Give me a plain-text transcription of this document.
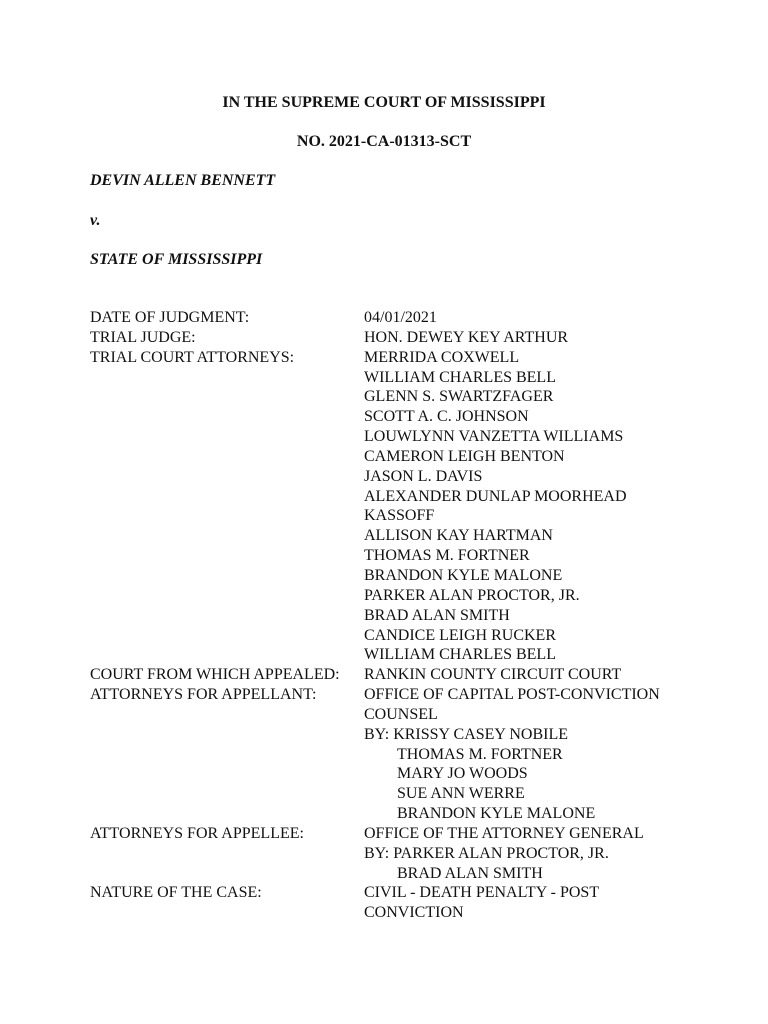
IN THE SUPREME COURT OF MISSISSIPPI
NO. 2021-CA-01313-SCT
DEVIN ALLEN BENNETT
v.
STATE OF MISSISSIPPI
DATE OF JUDGMENT:	04/01/2021
TRIAL JUDGE:	HON. DEWEY KEY ARTHUR
TRIAL COURT ATTORNEYS:	MERRIDA COXWELL
WILLIAM CHARLES BELL
GLENN S. SWARTZFAGER
SCOTT A. C. JOHNSON
LOUWLYNN VANZETTA WILLIAMS
CAMERON LEIGH BENTON
JASON L. DAVIS
ALEXANDER DUNLAP MOORHEAD
KASSOFF
ALLISON KAY HARTMAN
THOMAS M. FORTNER
BRANDON KYLE MALONE
PARKER ALAN PROCTOR, JR.
BRAD ALAN SMITH
CANDICE LEIGH RUCKER
WILLIAM CHARLES BELL
COURT FROM WHICH APPEALED:	RANKIN COUNTY CIRCUIT COURT
ATTORNEYS FOR APPELLANT:	OFFICE OF CAPITAL POST-CONVICTION
COUNSEL
BY: KRISSY CASEY NOBILE
THOMAS M. FORTNER
MARY JO WOODS
SUE ANN WERRE
BRANDON KYLE MALONE
ATTORNEYS FOR APPELLEE:	OFFICE OF THE ATTORNEY GENERAL
BY: PARKER ALAN PROCTOR, JR.
BRAD ALAN SMITH
NATURE OF THE CASE:	CIVIL - DEATH PENALTY - POST
CONVICTION
